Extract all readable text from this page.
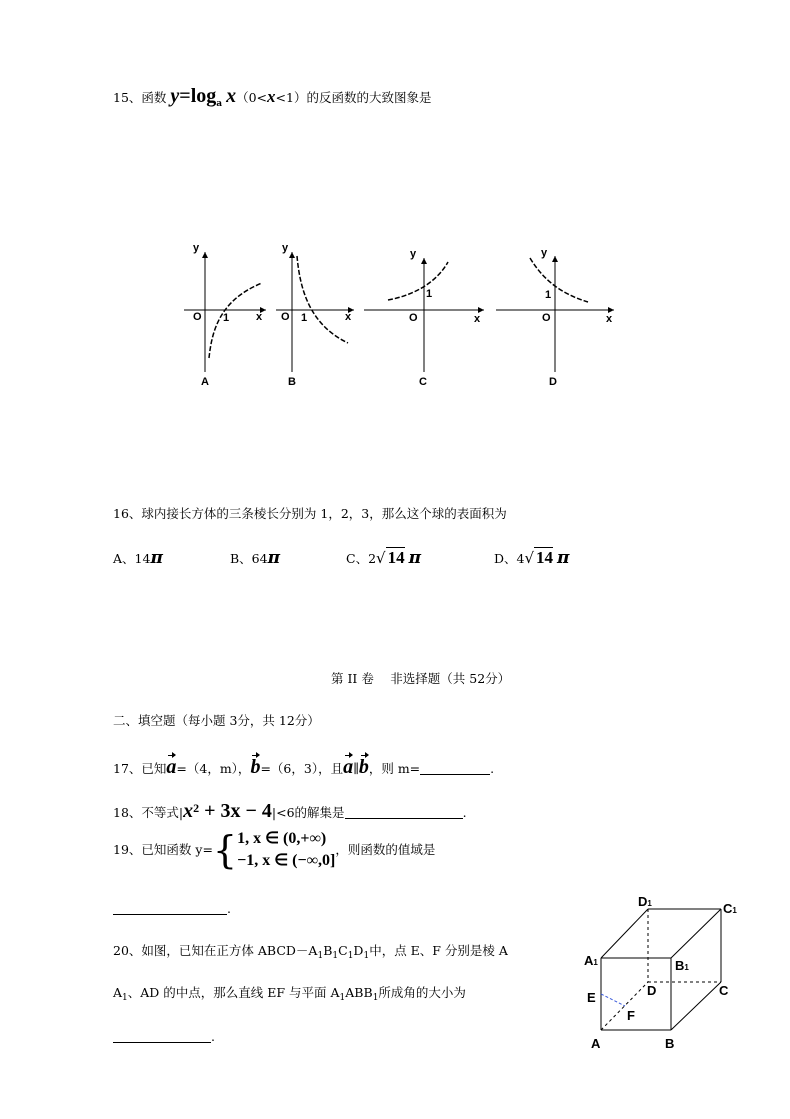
15、函数 $y=\log_a$ x（0<x<1）的反函数的大致图象是
y
x
O 1
A
y
x
O 1
B
y
x
O
1
C
y
x
O
1
D
16、球内接长方体的三条棱长分别为 1，2，3，那么这个球的表面积为
A、14π	B、64π	C、2√ 14 π	D、4√ 14 π
第 II 卷　 非选择题（共 52分）
二、填空题（每小题 3分，共 12分）
17、已知a=（4，m），b=（6，3），且a∥b，则 m=	.
18、不等式$|x^2 + 3x - 4|<6$的解集是	.
19、已知函数 y={1, x ∈ (0,+∞)
−1, x ∈ (−∞,0]，则函数的值域是
.
20、如图，已知在正方体 $ABCD-A_1B_1C_1D_1$中，点 E、F 分别是棱 A
$A_1$、AD 的中点，那么直线 EF 与平面 $A_1ABB_1$所成角的大小为
.
D1	C1
A1	B1
D	C
E
F
A	B
